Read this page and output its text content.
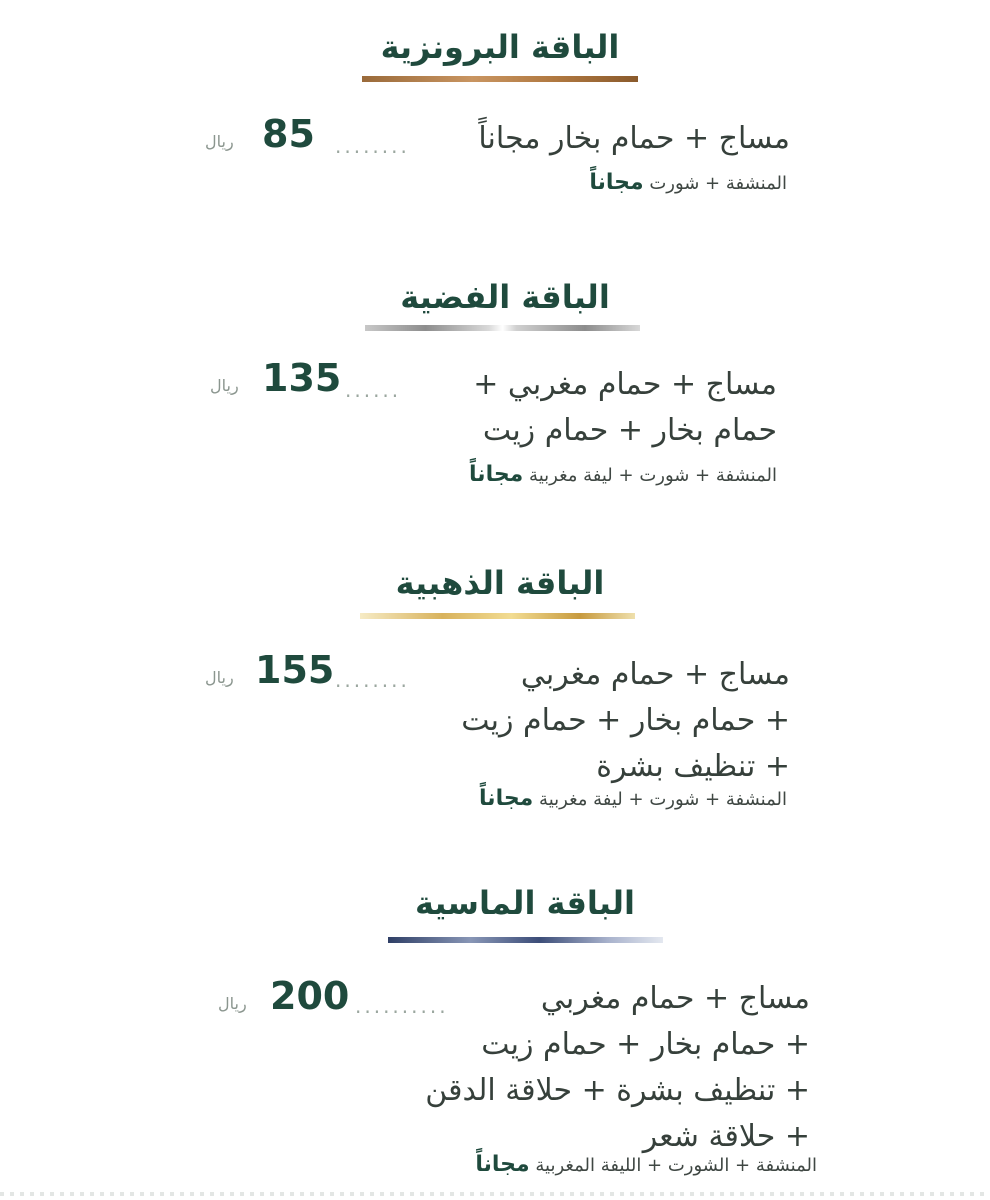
الباقة البرونزية
مساج + حمام بخار مجاناً
........
85
ريال
المنشفة + شورت مجاناً
الباقة الفضية
مساج + حمام مغربي +
حمام بخار + حمام زيت
......
135
ريال
المنشفة + شورت + ليفة مغربية مجاناً
الباقة الذهبية
مساج + حمام مغربي
+ حمام بخار + حمام زيت
+ تنظيف بشرة
........
155
ريال
المنشفة + شورت + ليفة مغربية مجاناً
الباقة الماسية
مساج + حمام مغربي
+ حمام بخار + حمام زيت
+ تنظيف بشرة + حلاقة الدقن
+ حلاقة شعر
..........
200
ريال
المنشفة + الشورت + الليفة المغربية مجاناً
